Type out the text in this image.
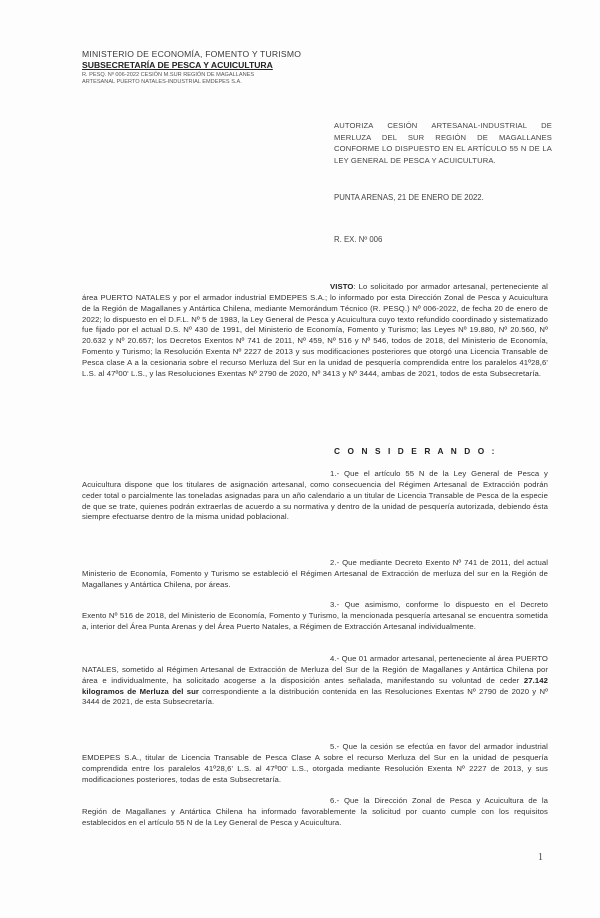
MINISTERIO DE ECONOMÍA, FOMENTO Y TURISMO
SUBSECRETARÍA DE PESCA Y ACUICULTURA
R. PESQ. Nº 006-2022 CESIÓN M.SUR REGIÓN DE MAGALLANES
ARTESANAL PUERTO NATALES-INDUSTRIAL EMDEPES S.A.
AUTORIZA CESIÓN ARTESANAL-INDUSTRIAL DE MERLUZA DEL SUR REGIÓN DE MAGALLANES CONFORME LO DISPUESTO EN EL ARTÍCULO 55 N DE LA LEY GENERAL DE PESCA Y ACUICULTURA.
PUNTA ARENAS, 21 DE ENERO DE 2022.
R. EX. Nº 006
VISTO: Lo solicitado por armador artesanal, perteneciente al área PUERTO NATALES y por el armador industrial EMDEPES S.A.; lo informado por esta Dirección Zonal de Pesca y Acuicultura de la Región de Magallanes y Antártica Chilena, mediante Memorándum Técnico (R. PESQ.) Nº 006-2022, de fecha 20 de enero de 2022; lo dispuesto en el D.F.L. Nº 5 de 1983, la Ley General de Pesca y Acuicultura cuyo texto refundido coordinado y sistematizado fue fijado por el actual D.S. Nº 430 de 1991, del Ministerio de Economía, Fomento y Turismo; las Leyes Nº 19.880, Nº 20.560, Nº 20.632 y Nº 20.657; los Decretos Exentos Nº 741 de 2011, Nº 459, Nº 516 y Nº 546, todos de 2018, del Ministerio de Economía, Fomento y Turismo; la Resolución Exenta Nº 2227 de 2013 y sus modificaciones posteriores que otorgó una Licencia Transable de Pesca clase A a la cesionaria sobre el recurso Merluza del Sur en la unidad de pesquería comprendida entre los paralelos 41º28,6' L.S. al 47º00' L.S., y las Resoluciones Exentas Nº 2790 de 2020, Nº 3413 y Nº 3444, ambas de 2021, todos de esta Subsecretaría.
C O N S I D E R A N D O :
1.- Que el artículo 55 N de la Ley General de Pesca y Acuicultura dispone que los titulares de asignación artesanal, como consecuencia del Régimen Artesanal de Extracción podrán ceder total o parcialmente las toneladas asignadas para un año calendario a un titular de Licencia Transable de Pesca de la especie de que se trate, quienes podrán extraerlas de acuerdo a su normativa y dentro de la unidad de pesquería autorizada, debiendo ésta siempre efectuarse dentro de la misma unidad poblacional.
2.- Que mediante Decreto Exento Nº 741 de 2011, del actual Ministerio de Economía, Fomento y Turismo se estableció el Régimen Artesanal de Extracción de merluza del sur en la Región de Magallanes y Antártica Chilena, por áreas.
3.- Que asimismo, conforme lo dispuesto en el Decreto Exento Nº 516 de 2018, del Ministerio de Economía, Fomento y Turismo, la mencionada pesquería artesanal se encuentra sometida a, interior del Área Punta Arenas y del Área Puerto Natales, a Régimen de Extracción Artesanal individualmente.
4.- Que 01 armador artesanal, perteneciente al área PUERTO NATALES, sometido al Régimen Artesanal de Extracción de Merluza del Sur de la Región de Magallanes y Antártica Chilena por área e individualmente, ha solicitado acogerse a la disposición antes señalada, manifestando su voluntad de ceder 27.142 kilogramos de Merluza del sur correspondiente a la distribución contenida en las Resoluciones Exentas Nº 2790 de 2020 y Nº 3444 de 2021, de esta Subsecretaría.
5.- Que la cesión se efectúa en favor del armador industrial EMDEPES S.A., titular de Licencia Transable de Pesca Clase A sobre el recurso Merluza del Sur en la unidad de pesquería comprendida entre los paralelos 41º28,6' L.S. al 47º00' L.S., otorgada mediante Resolución Exenta Nº 2227 de 2013, y sus modificaciones posteriores, todas de esta Subsecretaría.
6.- Que la Dirección Zonal de Pesca y Acuicultura de la Región de Magallanes y Antártica Chilena ha informado favorablemente la solicitud por cuanto cumple con los requisitos establecidos en el artículo 55 N de la Ley General de Pesca y Acuicultura.
1
